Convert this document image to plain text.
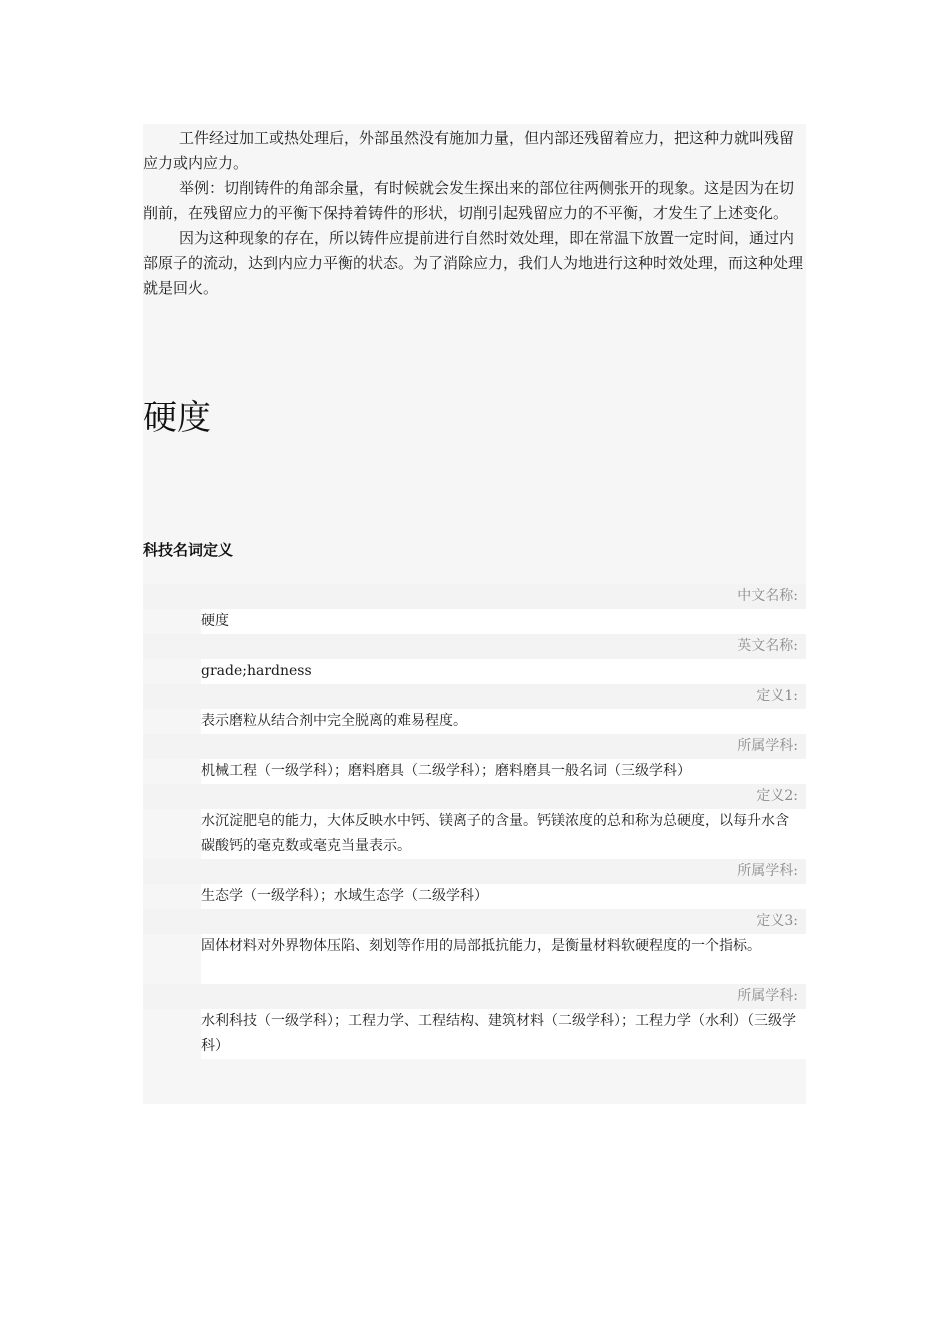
工件经过加工或热处理后，外部虽然没有施加力量，但内部还残留着应力，把这种力就叫残留应力或内应力。

举例：切削铸件的角部余量，有时候就会发生探出来的部位往两侧张开的现象。这是因为在切削前，在残留应力的平衡下保持着铸件的形状，切削引起残留应力的不平衡，才发生了上述变化。

因为这种现象的存在，所以铸件应提前进行自然时效处理，即在常温下放置一定时间，通过内部原子的流动，达到内应力平衡的状态。为了消除应力，我们人为地进行这种时效处理，而这种处理就是回火。

硬度
科技名词定义
中文名称:
硬度
英文名称:
grade;hardness
定义1:
表示磨粒从结合剂中完全脱离的难易程度。
所属学科:
机械工程（一级学科）；磨料磨具（二级学科）；磨料磨具一般名词（三级学科）
定义2:
水沉淀肥皂的能力，大体反映水中钙、镁离子的含量。钙镁浓度的总和称为总硬度，以每升水含碳酸钙的毫克数或毫克当量表示。
所属学科:
生态学（一级学科）；水域生态学（二级学科）
定义3:
固体材料对外界物体压陷、刻划等作用的局部抵抗能力，是衡量材料软硬程度的一个指标。
所属学科:
水利科技（一级学科）；工程力学、工程结构、建筑材料（二级学科）；工程力学（水利）（三级学科）
